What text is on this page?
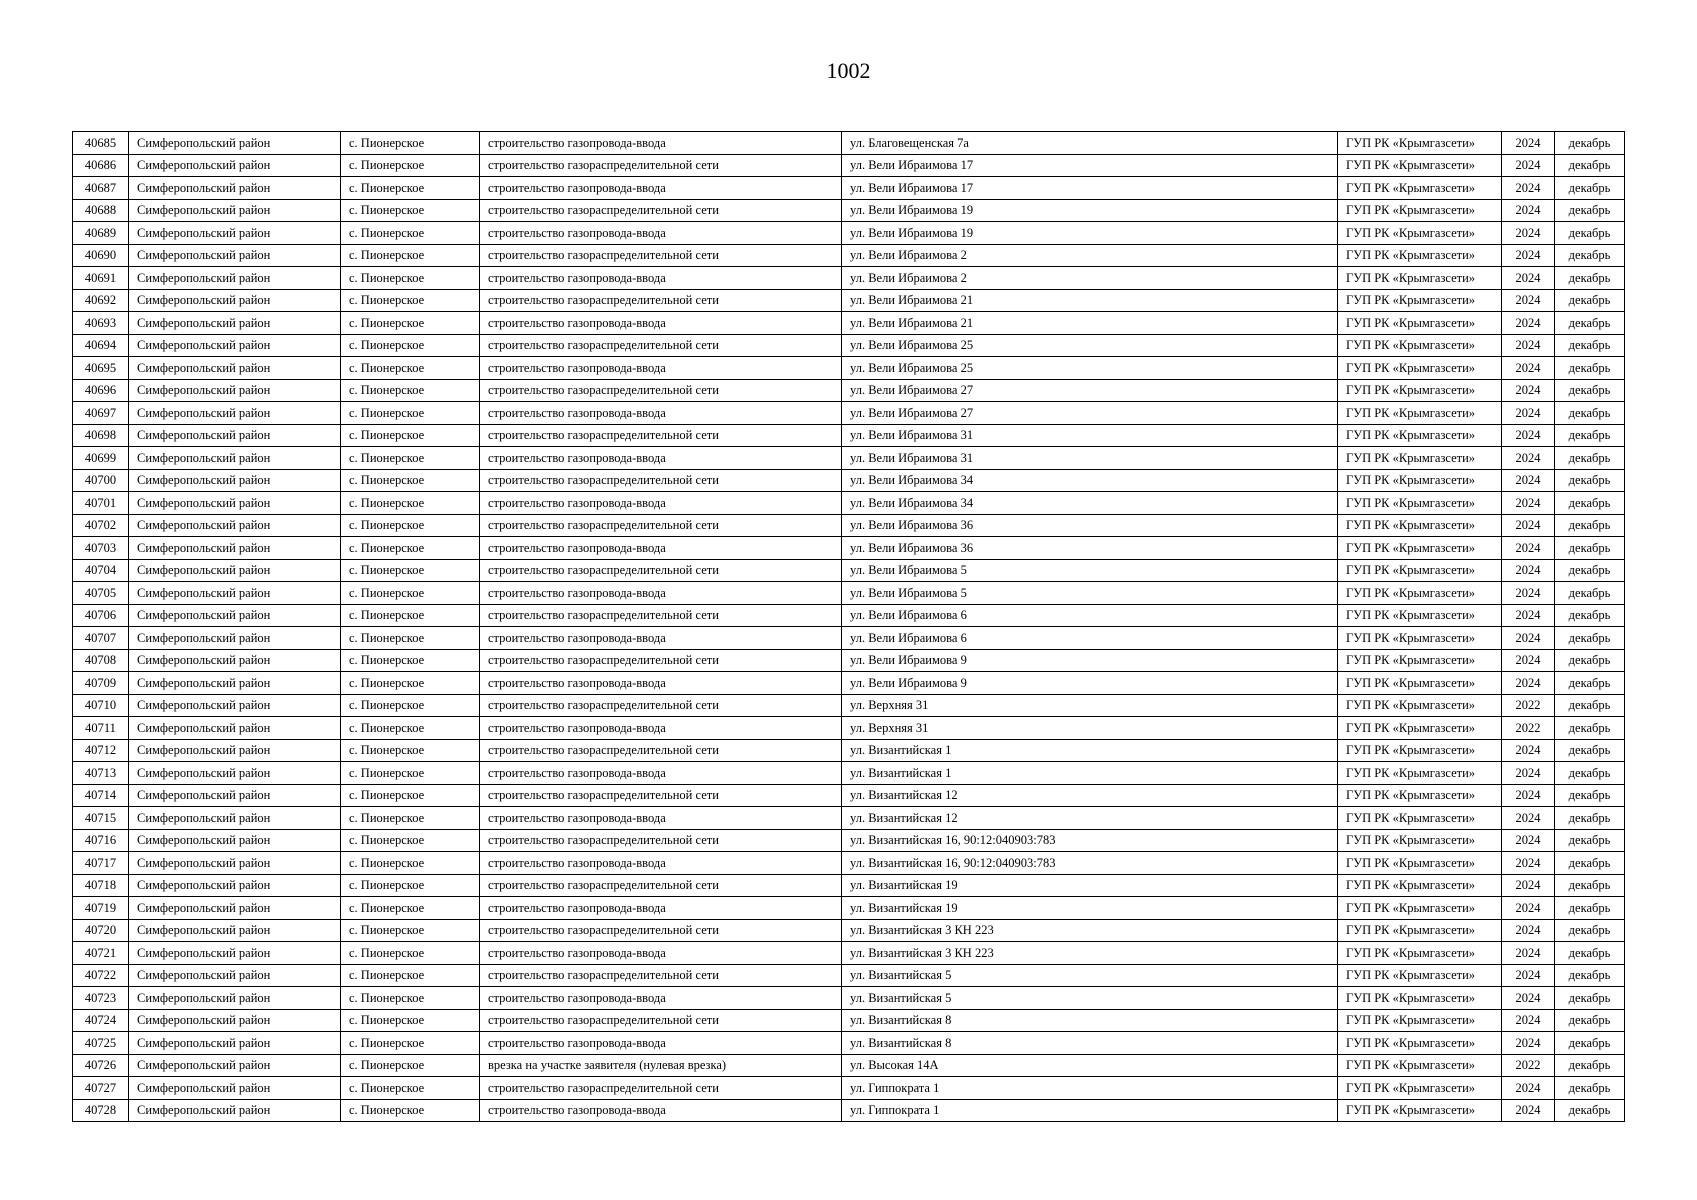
1002
40685	Симферопольский район	с. Пионерское	строительство газопровода-ввода	ул. Благовещенская 7а	ГУП РК «Крымгазсети»	2024	декабрь
40686	Симферопольский район	с. Пионерское	строительство газораспределительной сети	ул. Вели Ибраимова 17	ГУП РК «Крымгазсети»	2024	декабрь
40687	Симферопольский район	с. Пионерское	строительство газопровода-ввода	ул. Вели Ибраимова 17	ГУП РК «Крымгазсети»	2024	декабрь
40688	Симферопольский район	с. Пионерское	строительство газораспределительной сети	ул. Вели Ибраимова 19	ГУП РК «Крымгазсети»	2024	декабрь
40689	Симферопольский район	с. Пионерское	строительство газопровода-ввода	ул. Вели Ибраимова 19	ГУП РК «Крымгазсети»	2024	декабрь
40690	Симферопольский район	с. Пионерское	строительство газораспределительной сети	ул. Вели Ибраимова 2	ГУП РК «Крымгазсети»	2024	декабрь
40691	Симферопольский район	с. Пионерское	строительство газопровода-ввода	ул. Вели Ибраимова 2	ГУП РК «Крымгазсети»	2024	декабрь
40692	Симферопольский район	с. Пионерское	строительство газораспределительной сети	ул. Вели Ибраимова 21	ГУП РК «Крымгазсети»	2024	декабрь
40693	Симферопольский район	с. Пионерское	строительство газопровода-ввода	ул. Вели Ибраимова 21	ГУП РК «Крымгазсети»	2024	декабрь
40694	Симферопольский район	с. Пионерское	строительство газораспределительной сети	ул. Вели Ибраимова 25	ГУП РК «Крымгазсети»	2024	декабрь
40695	Симферопольский район	с. Пионерское	строительство газопровода-ввода	ул. Вели Ибраимова 25	ГУП РК «Крымгазсети»	2024	декабрь
40696	Симферопольский район	с. Пионерское	строительство газораспределительной сети	ул. Вели Ибраимова 27	ГУП РК «Крымгазсети»	2024	декабрь
40697	Симферопольский район	с. Пионерское	строительство газопровода-ввода	ул. Вели Ибраимова 27	ГУП РК «Крымгазсети»	2024	декабрь
40698	Симферопольский район	с. Пионерское	строительство газораспределительной сети	ул. Вели Ибраимова 31	ГУП РК «Крымгазсети»	2024	декабрь
40699	Симферопольский район	с. Пионерское	строительство газопровода-ввода	ул. Вели Ибраимова 31	ГУП РК «Крымгазсети»	2024	декабрь
40700	Симферопольский район	с. Пионерское	строительство газораспределительной сети	ул. Вели Ибраимова 34	ГУП РК «Крымгазсети»	2024	декабрь
40701	Симферопольский район	с. Пионерское	строительство газопровода-ввода	ул. Вели Ибраимова 34	ГУП РК «Крымгазсети»	2024	декабрь
40702	Симферопольский район	с. Пионерское	строительство газораспределительной сети	ул. Вели Ибраимова 36	ГУП РК «Крымгазсети»	2024	декабрь
40703	Симферопольский район	с. Пионерское	строительство газопровода-ввода	ул. Вели Ибраимова 36	ГУП РК «Крымгазсети»	2024	декабрь
40704	Симферопольский район	с. Пионерское	строительство газораспределительной сети	ул. Вели Ибраимова 5	ГУП РК «Крымгазсети»	2024	декабрь
40705	Симферопольский район	с. Пионерское	строительство газопровода-ввода	ул. Вели Ибраимова 5	ГУП РК «Крымгазсети»	2024	декабрь
40706	Симферопольский район	с. Пионерское	строительство газораспределительной сети	ул. Вели Ибраимова 6	ГУП РК «Крымгазсети»	2024	декабрь
40707	Симферопольский район	с. Пионерское	строительство газопровода-ввода	ул. Вели Ибраимова 6	ГУП РК «Крымгазсети»	2024	декабрь
40708	Симферопольский район	с. Пионерское	строительство газораспределительной сети	ул. Вели Ибраимова 9	ГУП РК «Крымгазсети»	2024	декабрь
40709	Симферопольский район	с. Пионерское	строительство газопровода-ввода	ул. Вели Ибраимова 9	ГУП РК «Крымгазсети»	2024	декабрь
40710	Симферопольский район	с. Пионерское	строительство газораспределительной сети	ул. Верхняя 31	ГУП РК «Крымгазсети»	2022	декабрь
40711	Симферопольский район	с. Пионерское	строительство газопровода-ввода	ул. Верхняя 31	ГУП РК «Крымгазсети»	2022	декабрь
40712	Симферопольский район	с. Пионерское	строительство газораспределительной сети	ул. Византийская 1	ГУП РК «Крымгазсети»	2024	декабрь
40713	Симферопольский район	с. Пионерское	строительство газопровода-ввода	ул. Византийская 1	ГУП РК «Крымгазсети»	2024	декабрь
40714	Симферопольский район	с. Пионерское	строительство газораспределительной сети	ул. Византийская 12	ГУП РК «Крымгазсети»	2024	декабрь
40715	Симферопольский район	с. Пионерское	строительство газопровода-ввода	ул. Византийская 12	ГУП РК «Крымгазсети»	2024	декабрь
40716	Симферопольский район	с. Пионерское	строительство газораспределительной сети	ул. Византийская 16, 90:12:040903:783	ГУП РК «Крымгазсети»	2024	декабрь
40717	Симферопольский район	с. Пионерское	строительство газопровода-ввода	ул. Византийская 16, 90:12:040903:783	ГУП РК «Крымгазсети»	2024	декабрь
40718	Симферопольский район	с. Пионерское	строительство газораспределительной сети	ул. Византийская 19	ГУП РК «Крымгазсети»	2024	декабрь
40719	Симферопольский район	с. Пионерское	строительство газопровода-ввода	ул. Византийская 19	ГУП РК «Крымгазсети»	2024	декабрь
40720	Симферопольский район	с. Пионерское	строительство газораспределительной сети	ул. Византийская 3 КН 223	ГУП РК «Крымгазсети»	2024	декабрь
40721	Симферопольский район	с. Пионерское	строительство газопровода-ввода	ул. Византийская 3 КН 223	ГУП РК «Крымгазсети»	2024	декабрь
40722	Симферопольский район	с. Пионерское	строительство газораспределительной сети	ул. Византийская 5	ГУП РК «Крымгазсети»	2024	декабрь
40723	Симферопольский район	с. Пионерское	строительство газопровода-ввода	ул. Византийская 5	ГУП РК «Крымгазсети»	2024	декабрь
40724	Симферопольский район	с. Пионерское	строительство газораспределительной сети	ул. Византийская 8	ГУП РК «Крымгазсети»	2024	декабрь
40725	Симферопольский район	с. Пионерское	строительство газопровода-ввода	ул. Византийская 8	ГУП РК «Крымгазсети»	2024	декабрь
40726	Симферопольский район	с. Пионерское	врезка на участке заявителя (нулевая врезка)	ул. Высокая 14А	ГУП РК «Крымгазсети»	2022	декабрь
40727	Симферопольский район	с. Пионерское	строительство газораспределительной сети	ул. Гиппократа 1	ГУП РК «Крымгазсети»	2024	декабрь
40728	Симферопольский район	с. Пионерское	строительство газопровода-ввода	ул. Гиппократа 1	ГУП РК «Крымгазсети»	2024	декабрь
